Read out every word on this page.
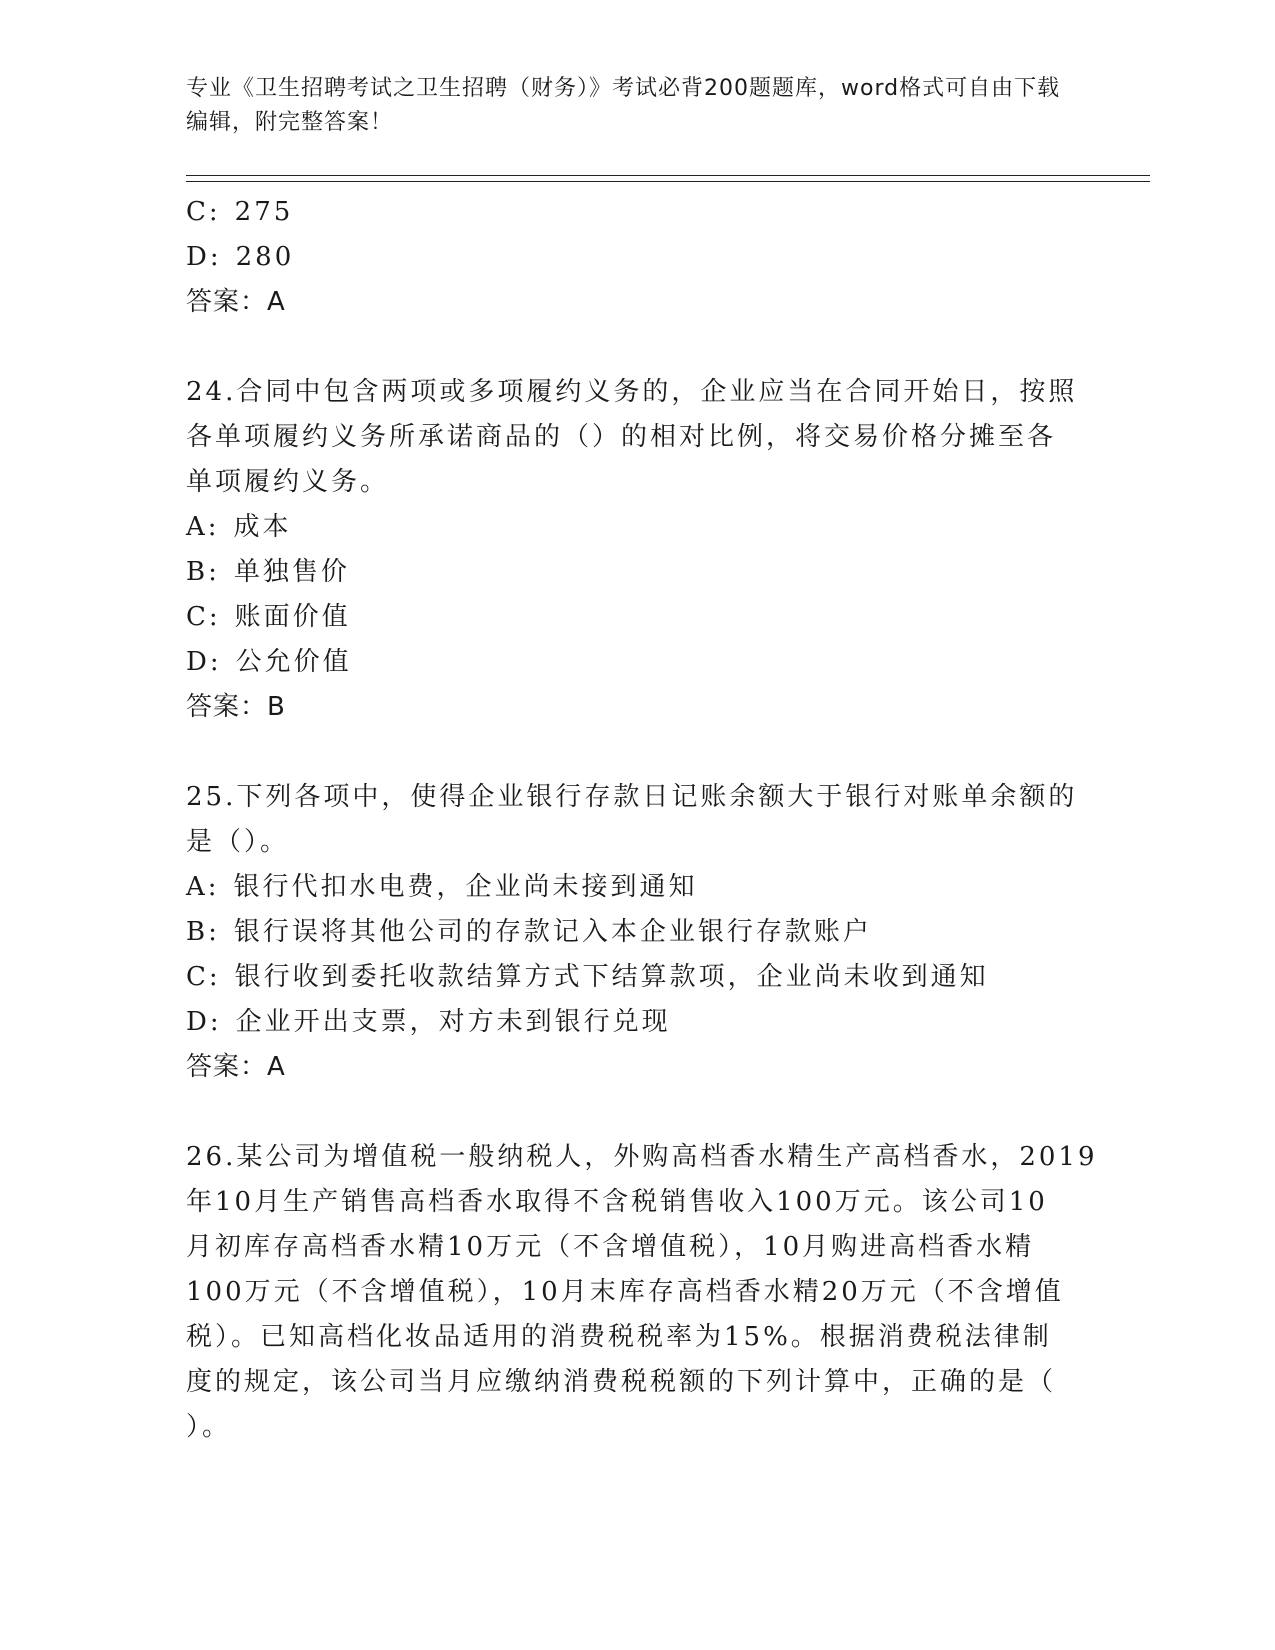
专业《卫生招聘考试之卫生招聘（财务）》考试必背200题题库，word格式可自由下载编辑，附完整答案！
C: 275
D: 280
答案：A
24.合同中包含两项或多项履约义务的，企业应当在合同开始日，按照
各单项履约义务所承诺商品的（）的相对比例，将交易价格分摊至各
单项履约义务。
A: 成本
B: 单独售价
C: 账面价值
D: 公允价值
答案：B
25.下列各项中，使得企业银行存款日记账余额大于银行对账单余额的
是（）。
A: 银行代扣水电费，企业尚未接到通知
B: 银行误将其他公司的存款记入本企业银行存款账户
C: 银行收到委托收款结算方式下结算款项，企业尚未收到通知
D: 企业开出支票，对方未到银行兑现
答案：A
26.某公司为增值税一般纳税人，外购高档香水精生产高档香水，2019
年10月生产销售高档香水取得不含税销售收入100万元。该公司10
月初库存高档香水精10万元（不含增值税），10月购进高档香水精
100万元（不含增值税），10月末库存高档香水精20万元（不含增值
税）。已知高档化妆品适用的消费税税率为15%。根据消费税法律制
度的规定，该公司当月应缴纳消费税税额的下列计算中，正确的是（
）。
